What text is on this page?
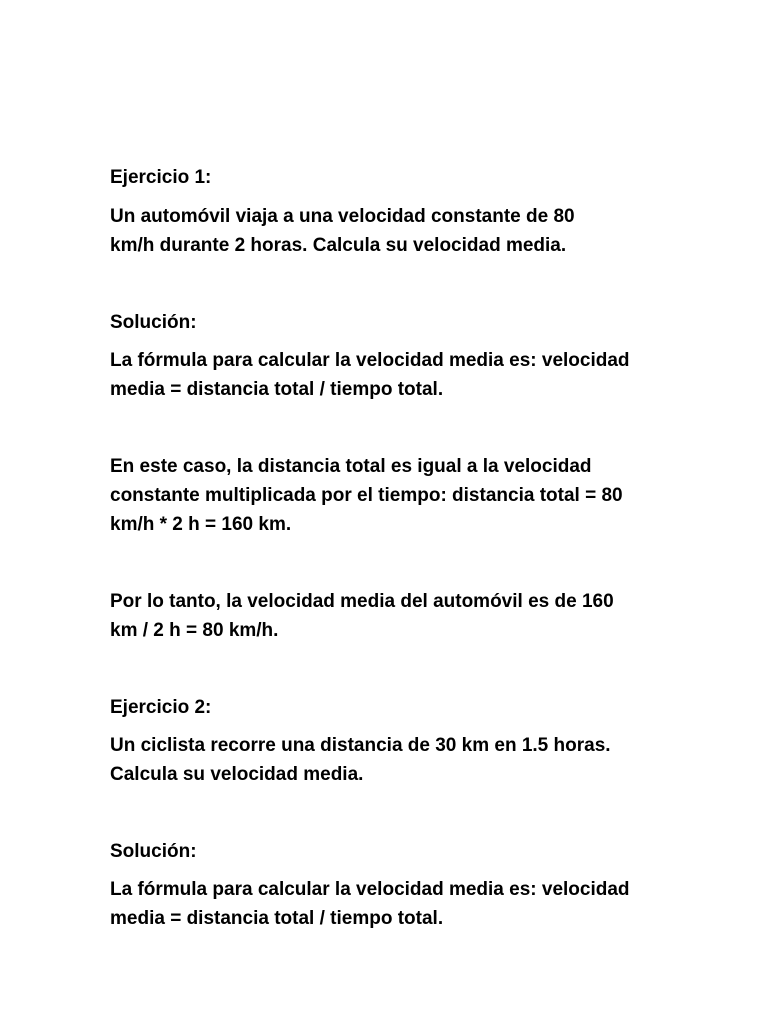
Ejercicio 1:

Un automóvil viaja a una velocidad constante de 80
km/h durante 2 horas. Calcula su velocidad media.

Solución:

La fórmula para calcular la velocidad media es: velocidad
media = distancia total / tiempo total.

En este caso, la distancia total es igual a la velocidad
constante multiplicada por el tiempo: distancia total = 80
km/h * 2 h = 160 km.

Por lo tanto, la velocidad media del automóvil es de 160
km / 2 h = 80 km/h.

Ejercicio 2:

Un ciclista recorre una distancia de 30 km en 1.5 horas.
Calcula su velocidad media.

Solución:

La fórmula para calcular la velocidad media es: velocidad
media = distancia total / tiempo total.
